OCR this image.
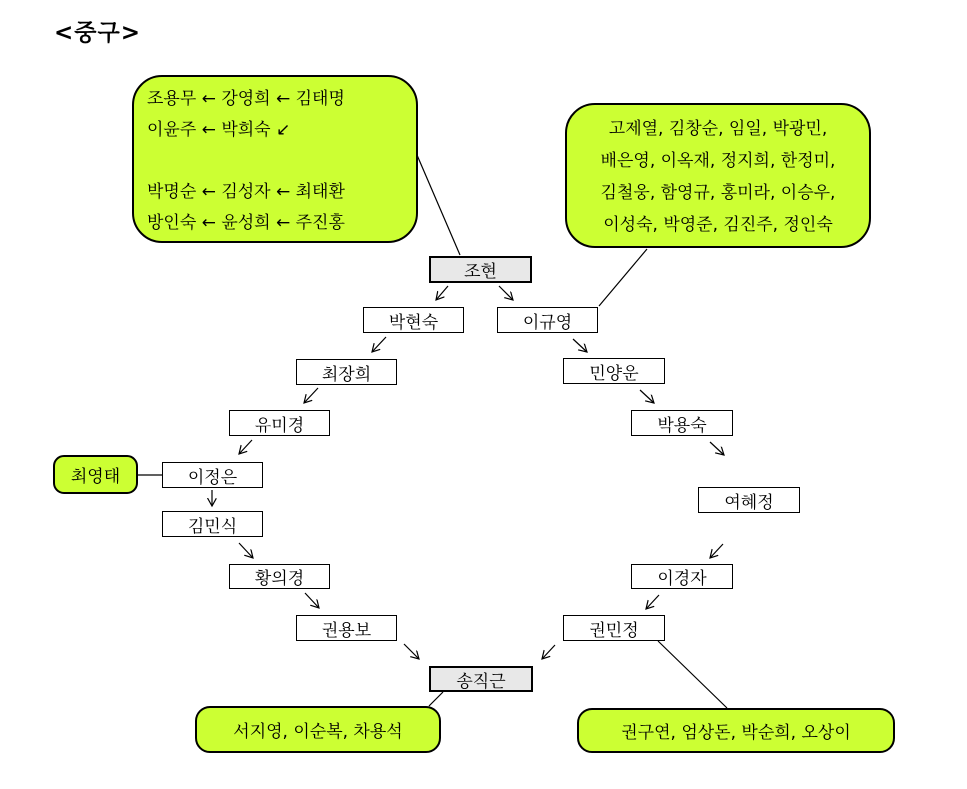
<중구>
조용무 ← 강영희 ← 김태명
이윤주 ← 박희숙 ↙
박명순 ← 김성자 ← 최태환
방인숙 ← 윤성희 ← 주진홍
고제열, 김창순, 임일, 박광민,
배은영, 이옥재, 정지희, 한정미,
김철웅, 함영규, 홍미라, 이승우,
이성숙, 박영준, 김진주, 정인숙
최영태
서지영, 이순복, 차용석	권구연, 엄상돈, 박순희, 오상이
조현
박현숙	이규영
최장희	민양운
유미경	박용숙
이정은
여혜정
김민식
황의경	이경자
권용보	권민정
송직근
